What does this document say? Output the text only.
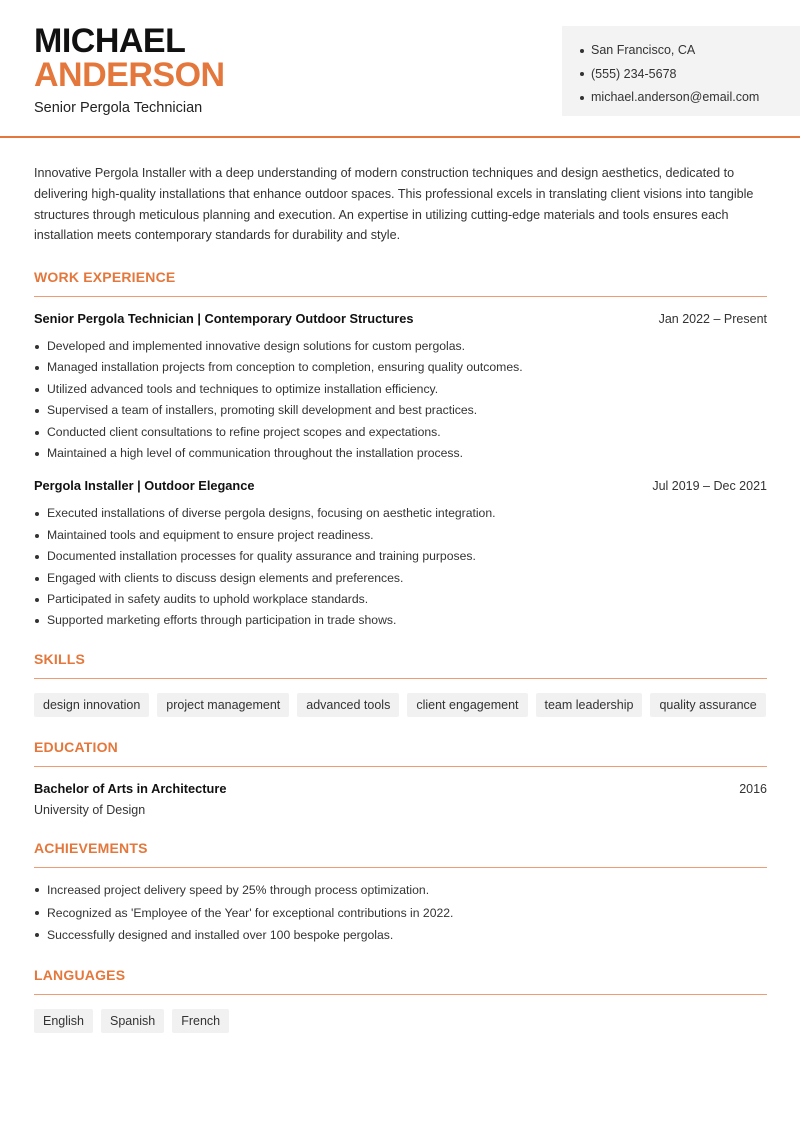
MICHAEL
ANDERSON
Senior Pergola Technician
San Francisco, CA
(555) 234-5678
michael.anderson@email.com

Innovative Pergola Installer with a deep understanding of modern construction techniques and design aesthetics, dedicated to delivering high-quality installations that enhance outdoor spaces. This professional excels in translating client visions into tangible structures through meticulous planning and execution. An expertise in utilizing cutting-edge materials and tools ensures each installation meets contemporary standards for durability and style.

WORK EXPERIENCE
Senior Pergola Technician | Contemporary Outdoor Structures	Jan 2022 – Present
Developed and implemented innovative design solutions for custom pergolas.
Managed installation projects from conception to completion, ensuring quality outcomes.
Utilized advanced tools and techniques to optimize installation efficiency.
Supervised a team of installers, promoting skill development and best practices.
Conducted client consultations to refine project scopes and expectations.
Maintained a high level of communication throughout the installation process.
Pergola Installer | Outdoor Elegance	Jul 2019 – Dec 2021
Executed installations of diverse pergola designs, focusing on aesthetic integration.
Maintained tools and equipment to ensure project readiness.
Documented installation processes for quality assurance and training purposes.
Engaged with clients to discuss design elements and preferences.
Participated in safety audits to uphold workplace standards.
Supported marketing efforts through participation in trade shows.
SKILLS
design innovation	project management	advanced tools	client engagement	team leadership	quality assurance
EDUCATION
Bachelor of Arts in Architecture	2016
University of Design
ACHIEVEMENTS
Increased project delivery speed by 25% through process optimization.
Recognized as 'Employee of the Year' for exceptional contributions in 2022.
Successfully designed and installed over 100 bespoke pergolas.
LANGUAGES
English	Spanish	French
